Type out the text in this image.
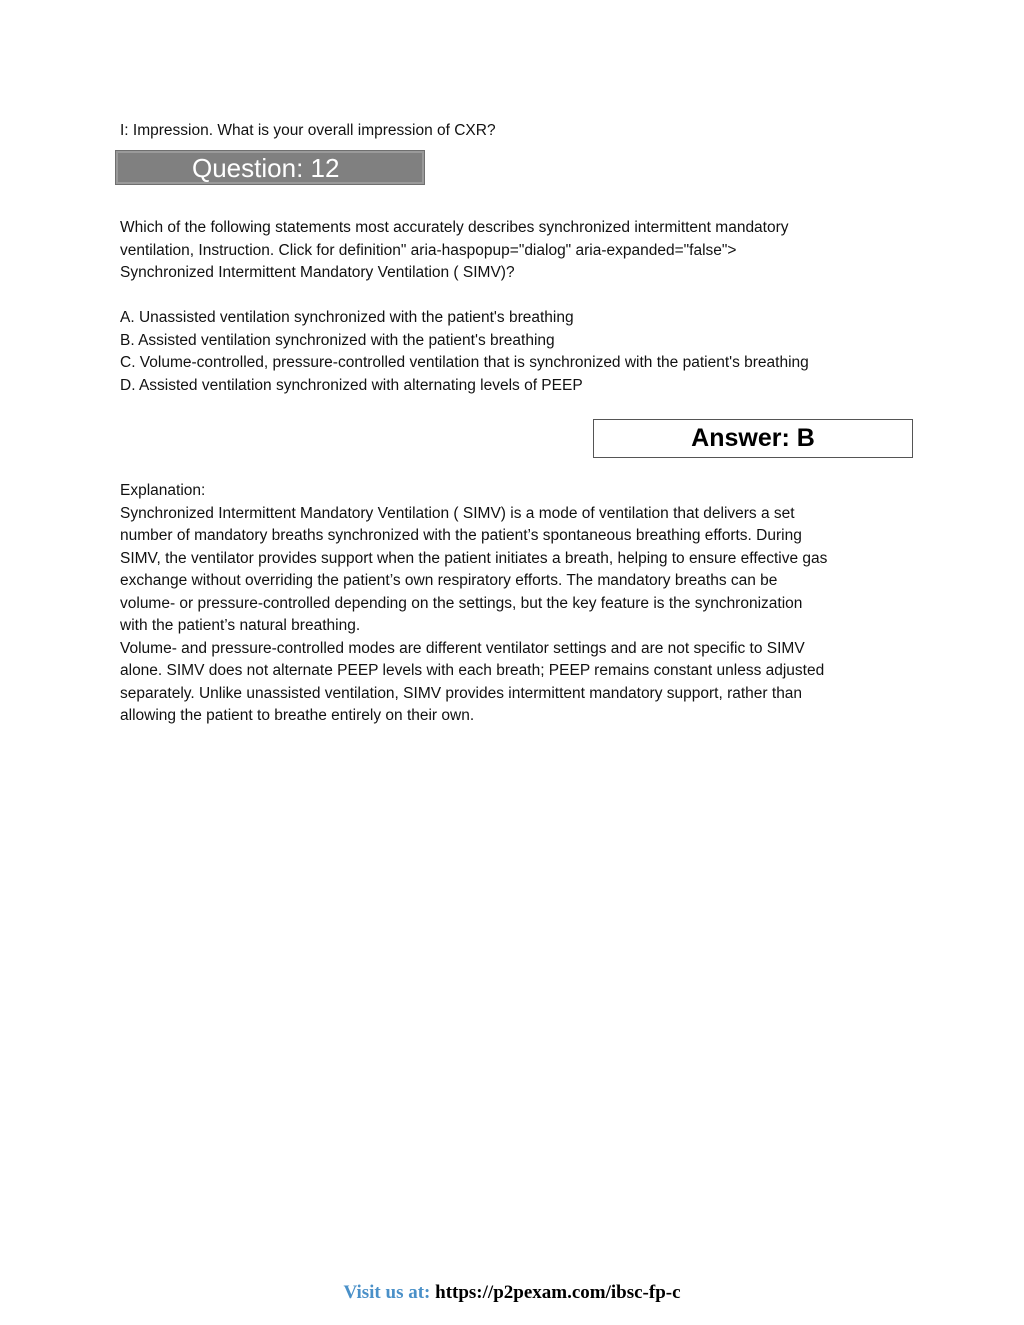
I: Impression. What is your overall impression of CXR?
Question: 12
Which of the following statements most accurately describes synchronized intermittent mandatory
ventilation, Instruction. Click for definition" aria-haspopup="dialog" aria-expanded="false">
Synchronized Intermittent Mandatory Ventilation ( SIMV)?
A. Unassisted ventilation synchronized with the patient's breathing
B. Assisted ventilation synchronized with the patient's breathing
C. Volume-controlled, pressure-controlled ventilation that is synchronized with the patient's breathing
D. Assisted ventilation synchronized with alternating levels of PEEP
Answer: B
Explanation:
Synchronized Intermittent Mandatory Ventilation ( SIMV) is a mode of ventilation that delivers a set
number of mandatory breaths synchronized with the patient’s spontaneous breathing efforts. During
SIMV, the ventilator provides support when the patient initiates a breath, helping to ensure effective gas
exchange without overriding the patient’s own respiratory efforts. The mandatory breaths can be
volume- or pressure-controlled depending on the settings, but the key feature is the synchronization
with the patient’s natural breathing.
Volume- and pressure-controlled modes are different ventilator settings and are not specific to SIMV
alone. SIMV does not alternate PEEP levels with each breath; PEEP remains constant unless adjusted
separately. Unlike unassisted ventilation, SIMV provides intermittent mandatory support, rather than
allowing the patient to breathe entirely on their own.
Visit us at: https://p2pexam.com/ibsc-fp-c
